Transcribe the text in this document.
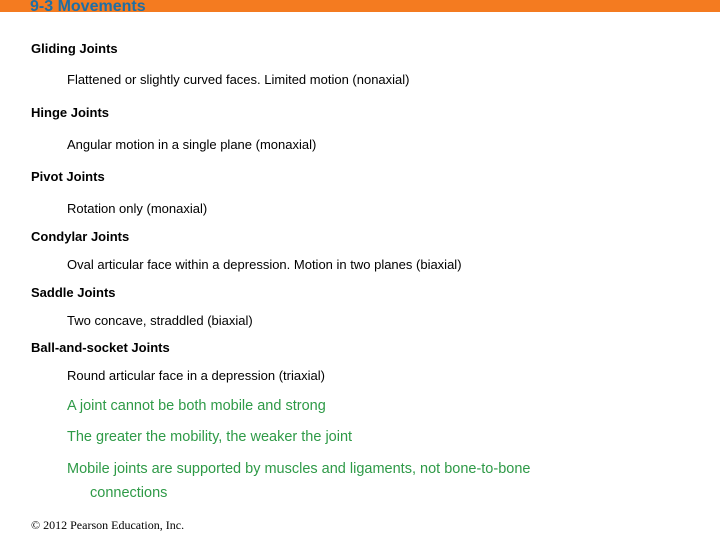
9-3 Movements
Gliding Joints
Flattened or slightly curved faces. Limited motion (nonaxial)
Hinge Joints
Angular motion in a single plane (monaxial)
Pivot Joints
Rotation only (monaxial)
Condylar Joints
Oval articular face within a depression. Motion in two planes (biaxial)
Saddle Joints
Two concave, straddled (biaxial)
Ball-and-socket Joints
Round articular face in a depression (triaxial)
A joint cannot be both mobile and strong
The greater the mobility, the weaker the joint
Mobile joints are supported by muscles and ligaments, not bone-to-bone
connections
© 2012 Pearson Education, Inc.
